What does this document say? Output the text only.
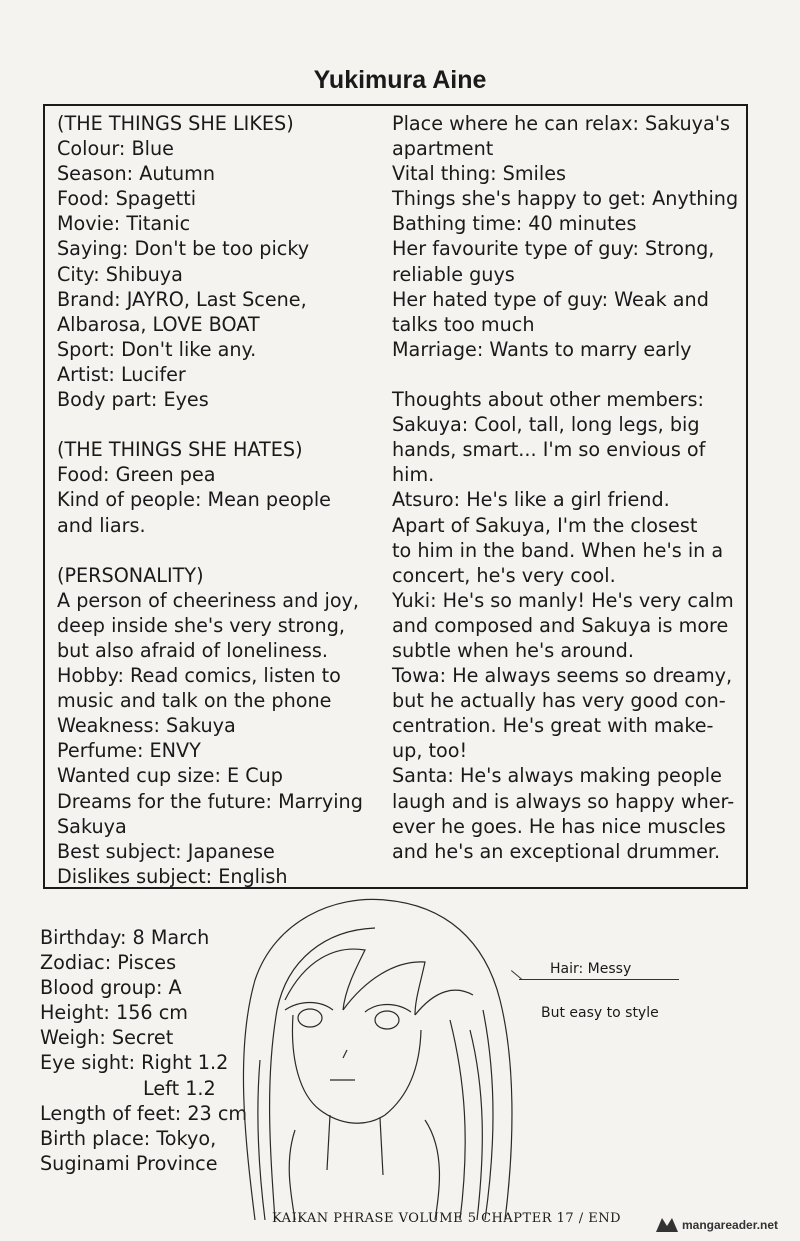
Yukimura Aine
(THE THINGS SHE LIKES)
Colour: Blue
Season: Autumn
Food: Spagetti
Movie: Titanic
Saying: Don't be too picky
City: Shibuya
Brand: JAYRO, Last Scene,
Albarosa, LOVE BOAT
Sport: Don't like any.
Artist: Lucifer
Body part: Eyes
(THE THINGS SHE HATES)
Food: Green pea
Kind of people: Mean people
and liars.
(PERSONALITY)
A person of cheeriness and joy,
deep inside she's very strong,
but also afraid of loneliness.
Hobby: Read comics, listen to
music and talk on the phone
Weakness: Sakuya
Perfume: ENVY
Wanted cup size: E Cup
Dreams for the future: Marrying
Sakuya
Best subject: Japanese
Dislikes subject: English
Place where he can relax: Sakuya's
apartment
Vital thing: Smiles
Things she's happy to get: Anything
Bathing time: 40 minutes
Her favourite type of guy: Strong,
reliable guys
Her hated type of guy: Weak and
talks too much
Marriage: Wants to marry early
Thoughts about other members:
Sakuya: Cool, tall, long legs, big
hands, smart... I'm so envious of
him.
Atsuro: He's like a girl friend.
Apart of Sakuya, I'm the closest
to him in the band. When he's in a
concert, he's very cool.
Yuki: He's so manly! He's very calm
and composed and Sakuya is more
subtle when he's around.
Towa: He always seems so dreamy,
but he actually has very good con-
centration. He's great with make-
up, too!
Santa: He's always making people
laugh and is always so happy wher-
ever he goes. He has nice muscles
and he's an exceptional drummer.
Birthday: 8 March
Zodiac: Pisces
Blood group: A
Height: 156 cm
Weigh: Secret
Eye sight: Right 1.2
Left 1.2
Length of feet: 23 cm
Birth place: Tokyo,
Suginami Province
Hair: Messy
But easy to style
KAIKAN PHRASE VOLUME 5 CHAPTER 17 / END	mangareader.net
